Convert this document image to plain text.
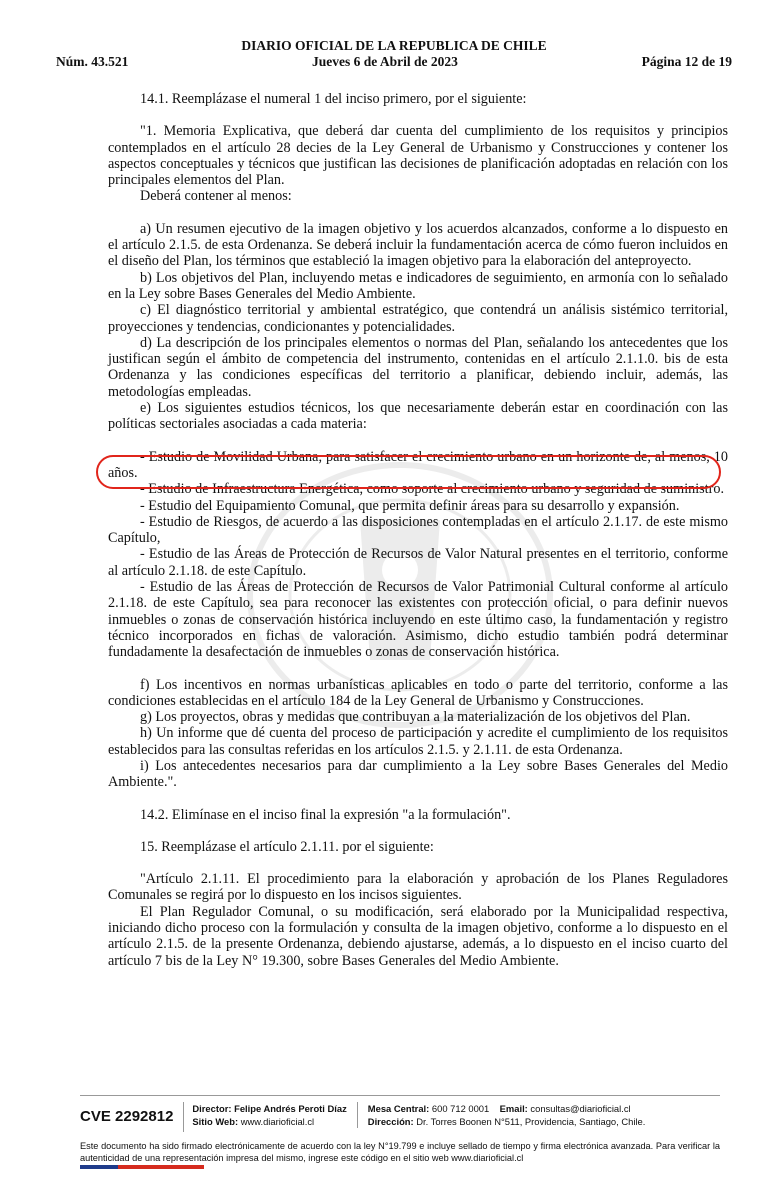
DIARIO OFICIAL DE LA REPUBLICA DE CHILE
Núm. 43.521	Jueves 6 de Abril de 2023	Página 12 de 19

14.1. Reemplázase el numeral 1 del inciso primero, por el siguiente:

"1. Memoria Explicativa, que deberá dar cuenta del cumplimiento de los requisitos y principios contemplados en el artículo 28 decies de la Ley General de Urbanismo y Construcciones y contener los aspectos conceptuales y técnicos que justifican las decisiones de planificación adoptadas en relación con los principales elementos del Plan.

Deberá contener al menos:

a) Un resumen ejecutivo de la imagen objetivo y los acuerdos alcanzados, conforme a lo dispuesto en el artículo 2.1.5. de esta Ordenanza. Se deberá incluir la fundamentación acerca de cómo fueron incluidos en el diseño del Plan, los términos que estableció la imagen objetivo para la elaboración del anteproyecto.

b) Los objetivos del Plan, incluyendo metas e indicadores de seguimiento, en armonía con lo señalado en la Ley sobre Bases Generales del Medio Ambiente.

c) El diagnóstico territorial y ambiental estratégico, que contendrá un análisis sistémico territorial, proyecciones y tendencias, condicionantes y potencialidades.

d) La descripción de los principales elementos o normas del Plan, señalando los antecedentes que los justifican según el ámbito de competencia del instrumento, contenidas en el artículo 2.1.1.0. bis de esta Ordenanza y las condiciones específicas del territorio a planificar, debiendo incluir, además, las metodologías empleadas.

e) Los siguientes estudios técnicos, los que necesariamente deberán estar en coordinación con las políticas sectoriales asociadas a cada materia:

- Estudio de Movilidad Urbana, para satisfacer el crecimiento urbano en un horizonte de, al menos, 10 años.

- Estudio de Infraestructura Energética, como soporte al crecimiento urbano y seguridad de suministro.

- Estudio del Equipamiento Comunal, que permita definir áreas para su desarrollo y expansión.

- Estudio de Riesgos, de acuerdo a las disposiciones contempladas en el artículo 2.1.17. de este mismo Capítulo,

- Estudio de las Áreas de Protección de Recursos de Valor Natural presentes en el territorio, conforme al artículo 2.1.18. de este Capítulo.

- Estudio de las Áreas de Protección de Recursos de Valor Patrimonial Cultural conforme al artículo 2.1.18. de este Capítulo, sea para reconocer las existentes con protección oficial, o para definir nuevos inmuebles o zonas de conservación histórica incluyendo en este último caso, la fundamentación y registro técnico incorporados en fichas de valoración. Asimismo, dicho estudio también podrá determinar fundadamente la desafectación de inmuebles o zonas de conservación histórica.

f) Los incentivos en normas urbanísticas aplicables en todo o parte del territorio, conforme a las condiciones establecidas en el artículo 184 de la Ley General de Urbanismo y Construcciones.

g) Los proyectos, obras y medidas que contribuyan a la materialización de los objetivos del Plan.

h) Un informe que dé cuenta del proceso de participación y acredite el cumplimiento de los requisitos establecidos para las consultas referidas en los artículos 2.1.5. y 2.1.11. de esta Ordenanza.

i) Los antecedentes necesarios para dar cumplimiento a la Ley sobre Bases Generales del Medio Ambiente.".

14.2. Elimínase en el inciso final la expresión "a la formulación".

15. Reemplázase el artículo 2.1.11. por el siguiente:

"Artículo 2.1.11. El procedimiento para la elaboración y aprobación de los Planes Reguladores Comunales se regirá por lo dispuesto en los incisos siguientes.

El Plan Regulador Comunal, o su modificación, será elaborado por la Municipalidad respectiva, iniciando dicho proceso con la formulación y consulta de la imagen objetivo, conforme a lo dispuesto en el artículo 2.1.5. de la presente Ordenanza, debiendo ajustarse, además, a lo dispuesto en el inciso cuarto del artículo 7 bis de la Ley N° 19.300, sobre Bases Generales del Medio Ambiente.

CVE 2292812	Director: Felipe Andrés Peroti Díaz
Sitio Web: www.diarioficial.cl
Mesa Central: 600 712 0001 Email: consultas@diarioficial.cl
Dirección: Dr. Torres Boonen N°511, Providencia, Santiago, Chile.
Este documento ha sido firmado electrónicamente de acuerdo con la ley N°19.799 e incluye sellado de tiempo y firma electrónica avanzada. Para verificar la autenticidad de una representación impresa del mismo, ingrese este código en el sitio web www.diarioficial.cl
